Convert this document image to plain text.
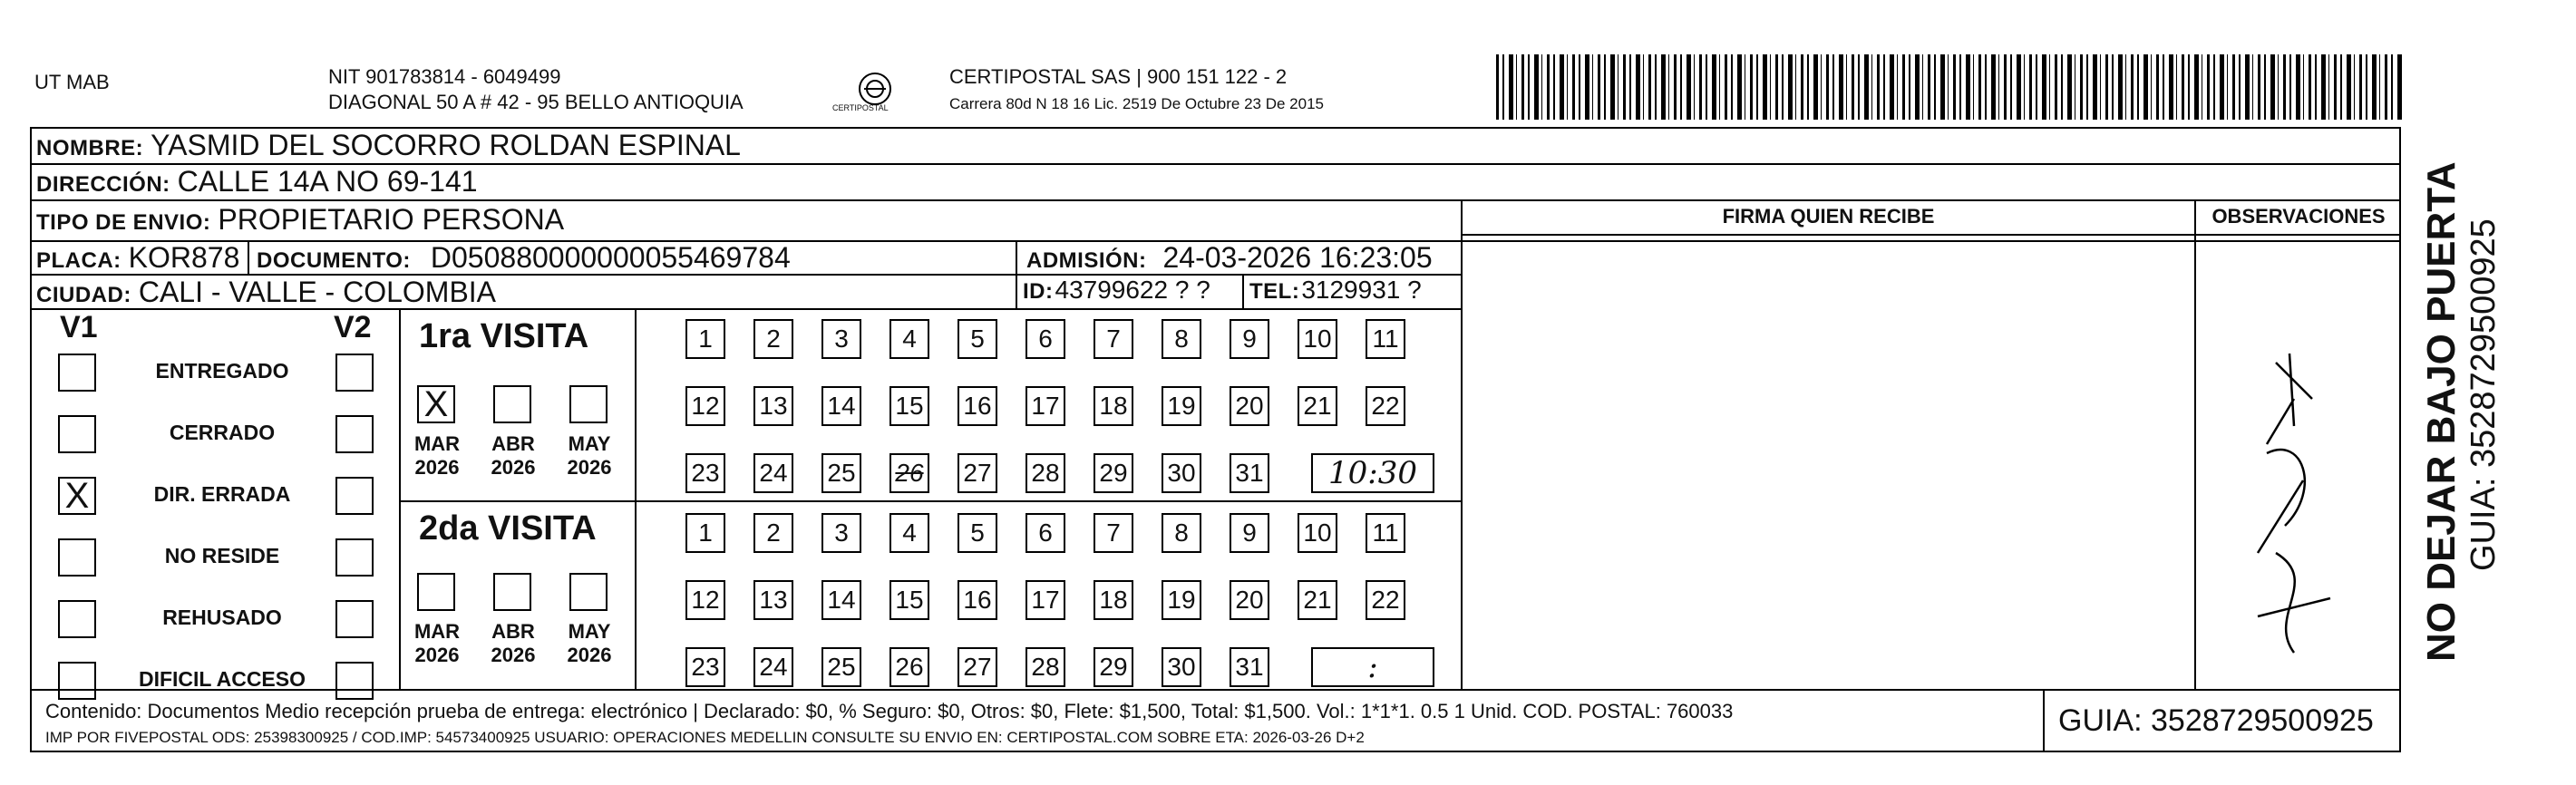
UT MAB	NIT 901783814 - 6049499
DIAGONAL 50 A # 42 - 95 BELLO ANTIOQUIA	CERTIPOSTAL
CERTIPOSTAL SAS | 900 151 122 - 2
Carrera 80d N 18 16 Lic. 2519 De Octubre 23 De 2015
NOMBRE: YASMID DEL SOCORRO ROLDAN ESPINAL
DIRECCIÓN: CALLE 14A NO 69-141
TIPO DE ENVIO: PROPIETARIO PERSONA	FIRMA QUIEN RECIBE	OBSERVACIONES
PLACA: KOR878 DOCUMENTO: D050880000000055469784	ADMISIÓN: 24-03-2026 16:23:05
CIUDAD: CALI - VALLE - COLOMBIA	ID: 43799622 ? ? TEL: 3129931 ?
V1	V2
ENTREGADO
CERRADO
X	DIR. ERRADA
NO RESIDE
REHUSADO
DIFICIL ACCESO
1ra VISITA
X
MAR
2026
ABR
2026
MAY
2026
1	2	3	4	5	6	7	8	9	10 11
12 13 14 15 16 17 18 19 20 21 22
23 24 25 26 27 28 29 30 31	10:30
2da VISITA
MAR
2026
ABR
2026
MAY
2026
1	2	3	4	5	6	7	8	9	10 11
12 13 14 15 16 17 18 19 20 21 22
23 24 25 26 27 28 29 30 31	:
Contenido: Documentos Medio recepción prueba de entrega: electrónico | Declarado: $0, % Seguro: $0, Otros: $0, Flete: $1,500, Total: $1,500. Vol.: 1*1*1. 0.5 1 Unid. COD. POSTAL: 760033
IMP POR FIVEPOSTAL ODS: 25398300925 / COD.IMP: 54573400925 USUARIO: OPERACIONES MEDELLIN CONSULTE SU ENVIO EN: CERTIPOSTAL.COM SOBRE ETA: 2026-03-26 D+2	GUIA: 3528729500925
NO DEJAR BAJO PUERTA GUIA: 3528729500925
